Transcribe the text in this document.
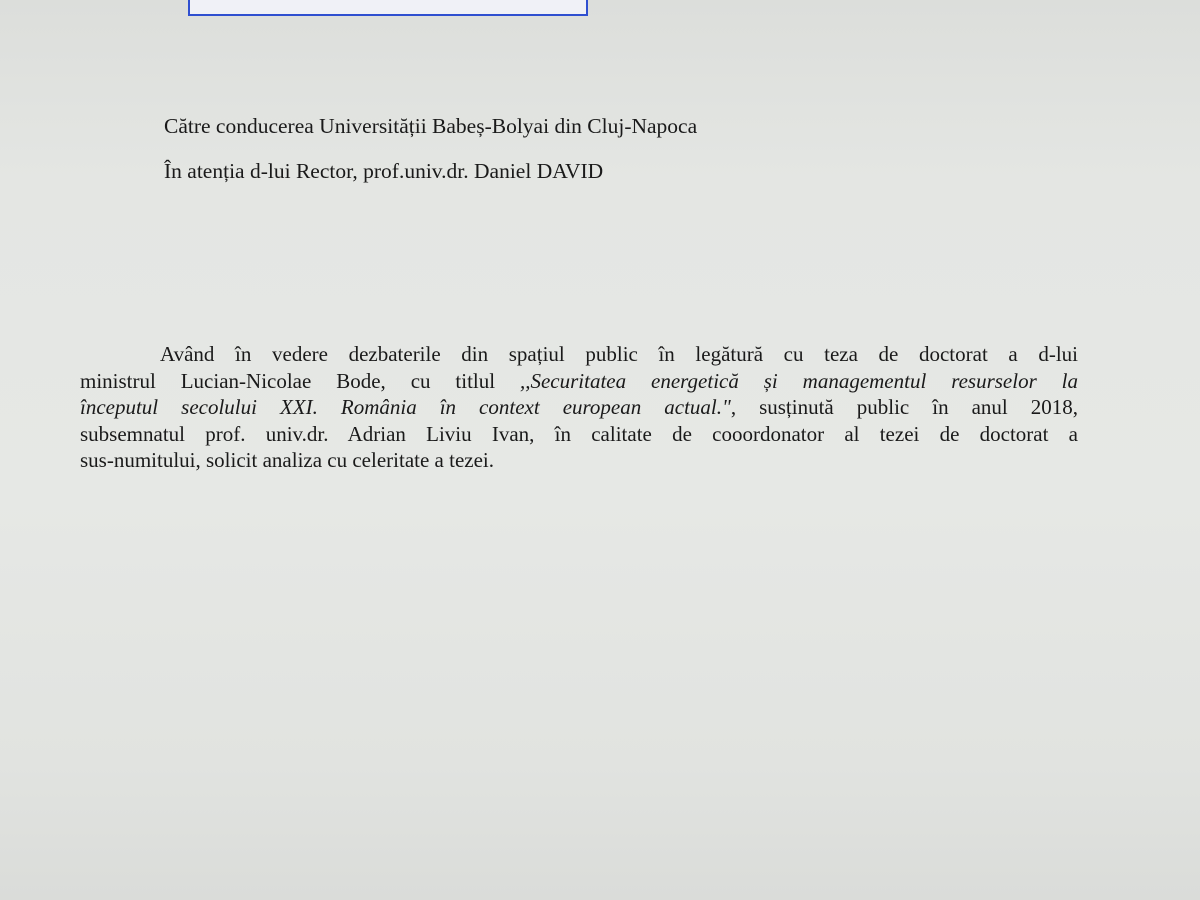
Către conducerea Universității Babeș-Bolyai din Cluj-Napoca
În atenția d-lui Rector, prof.univ.dr. Daniel DAVID
Având în vedere dezbaterile din spațiul public în legătură cu teza de doctorat a d-lui
ministrul Lucian-Nicolae Bode, cu titlul ,,Securitatea energetică și managementul resurselor la
începutul secolului XXI. România în context european actual.", susținută public în anul 2018,
subsemnatul prof. univ.dr. Adrian Liviu Ivan, în calitate de cooordonator al tezei de doctorat a
sus-numitului, solicit analiza cu celeritate a tezei.
